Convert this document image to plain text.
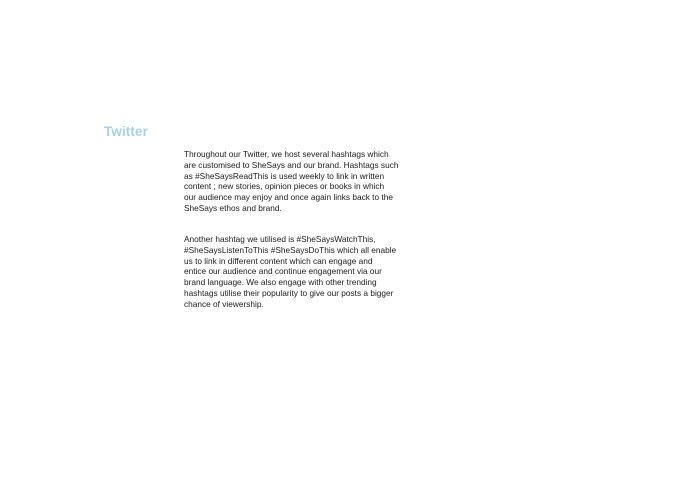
Twitter

Throughout our Twitter, we host several hashtags which
are customised to SheSays and our brand. Hashtags such
as #SheSaysReadThis is used weekly to link in written
content ; new stories, opinion pieces or books in which
our audience may enjoy and once again links back to the
SheSays ethos and brand.

Another hashtag we utilised is #SheSaysWatchThis,
#SheSaysListenToThis #SheSaysDoThis which all enable
us to link in different content which can engage and
entice our audience and continue engagement via our
brand language. We also engage with other trending
hashtags utilise their popularity to give our posts a bigger
chance of viewership.
